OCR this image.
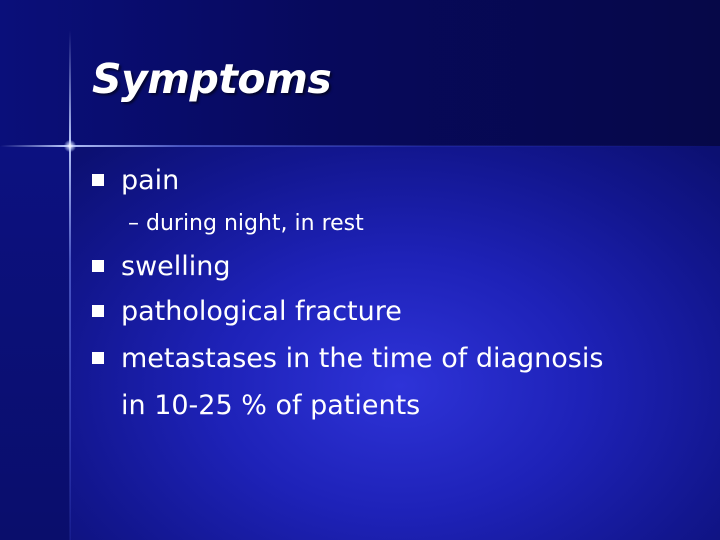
Symptoms
pain
– during night, in rest
swelling
pathological fracture
metastases in the time of diagnosis
in 10-25 % of patients
